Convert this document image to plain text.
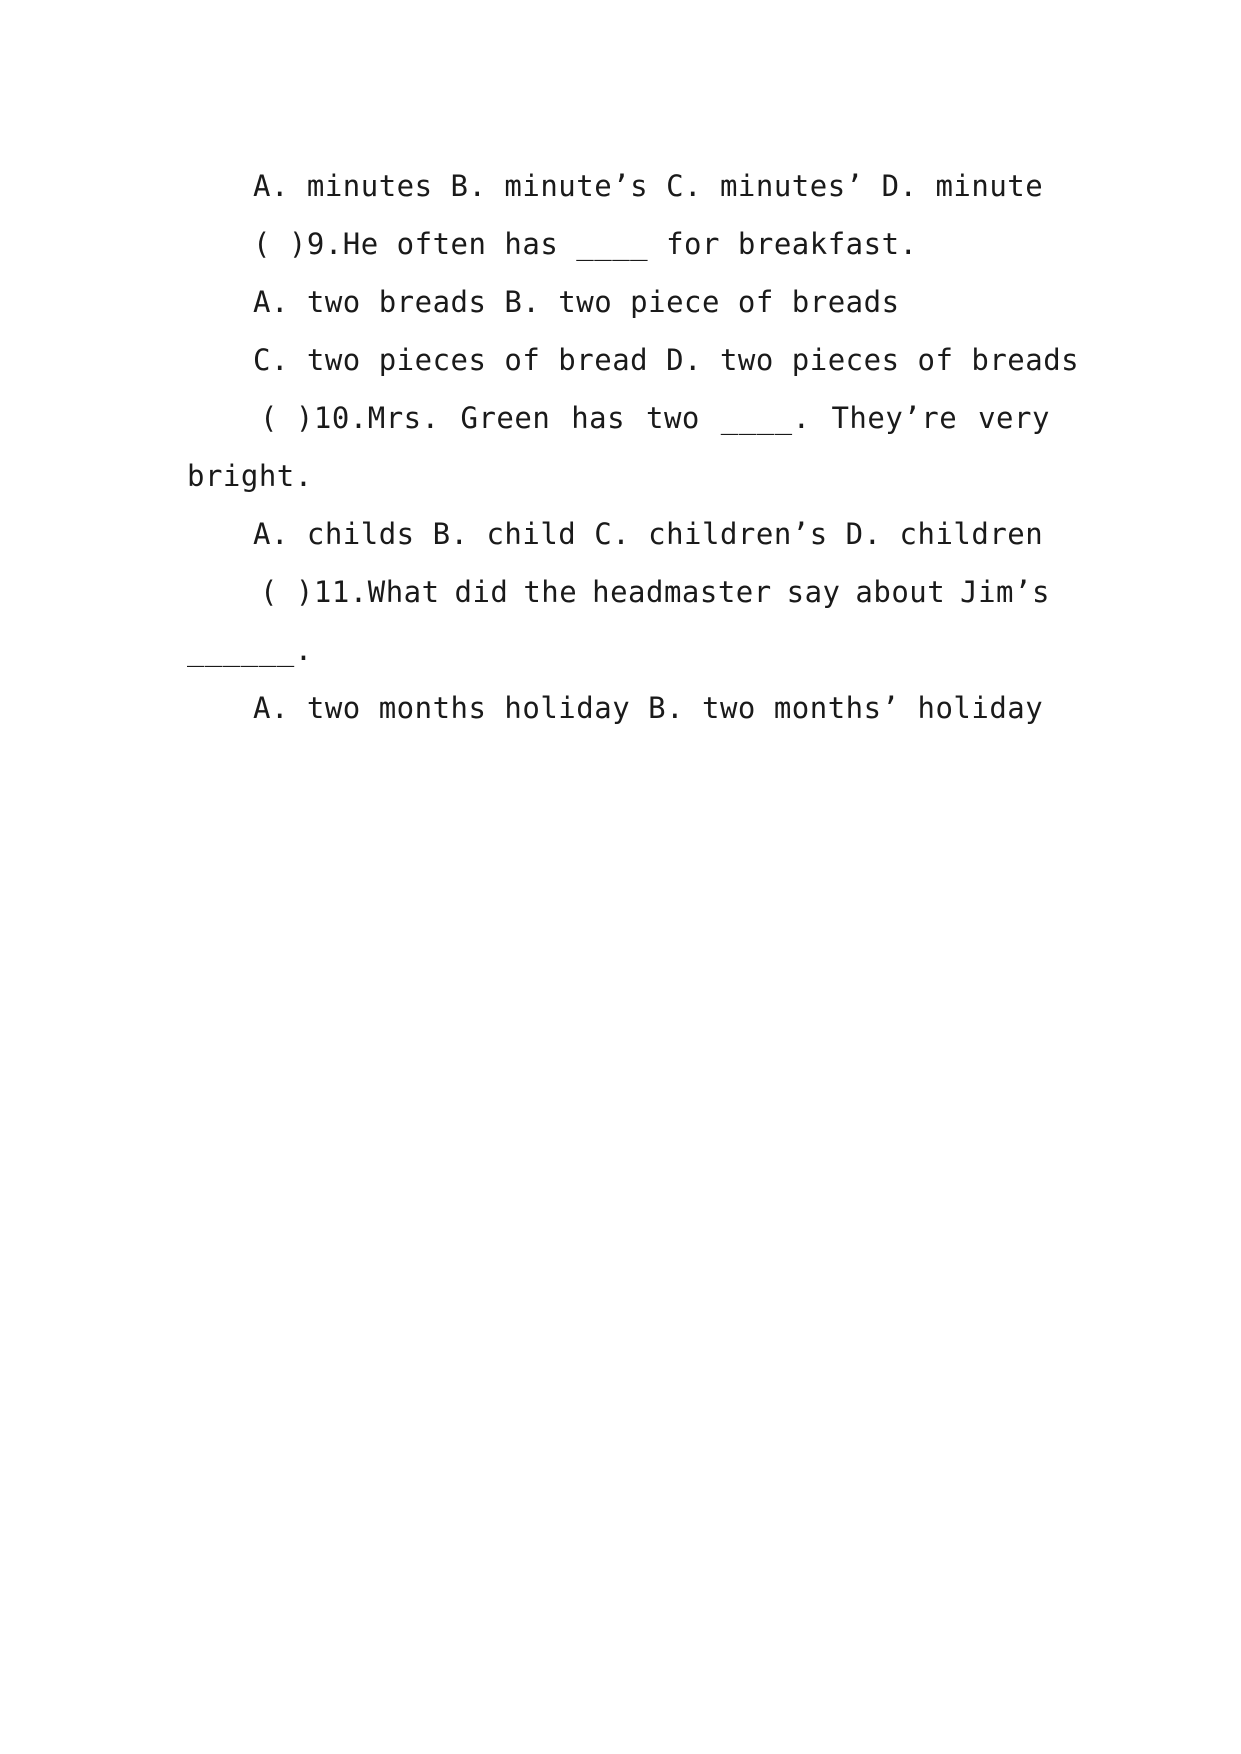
A. minutes B. minute’s C. minutes’ D. minute
( )9.He often has ____ for breakfast.
A. two breads B. two piece of breads
C. two pieces of bread D. two pieces of breads
( )10.Mrs. Green has two ____. They’re very
bright.
A. childs B. child C. children’s D. children
( )11.What did the headmaster say about Jim’s
______.
A. two months holiday B. two months’ holiday
